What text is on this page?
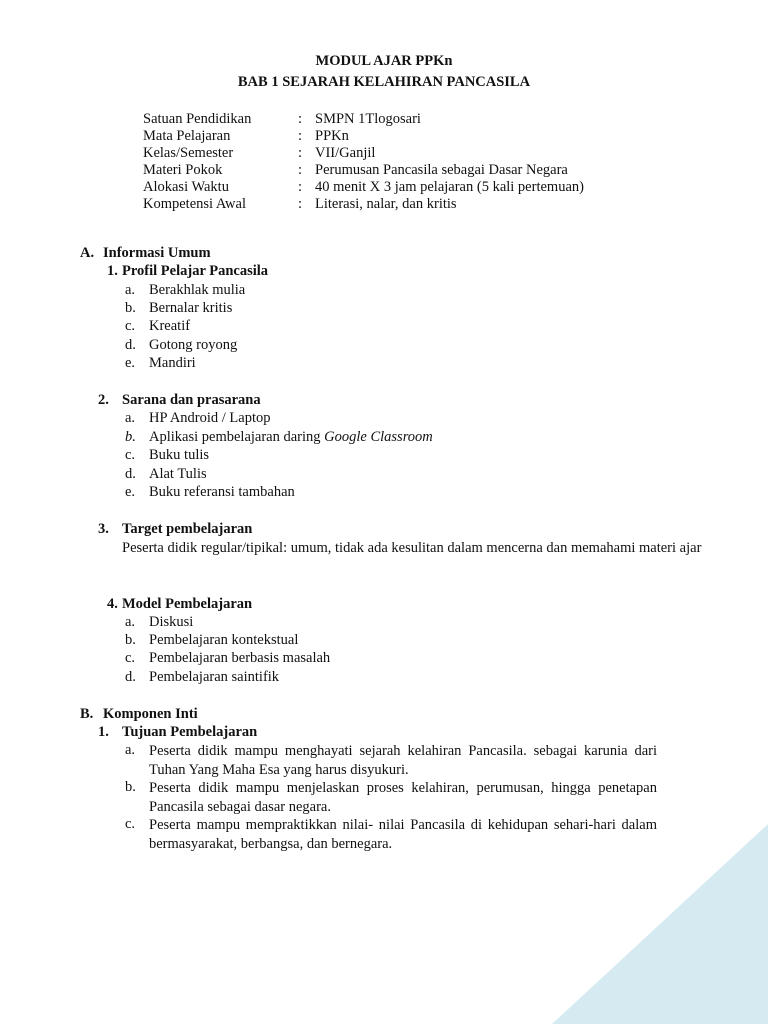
MODUL AJAR PPKn
BAB 1 SEJARAH KELAHIRAN PANCASILA
Satuan Pendidikan	: SMPN 1Tlogosari
Mata Pelajaran	: PPKn
Kelas/Semester	: VII/Ganjil
Materi Pokok	: Perumusan Pancasila sebagai Dasar Negara
Alokasi Waktu	: 40 menit X 3 jam pelajaran (5 kali pertemuan)
Kompetensi Awal	: Literasi, nalar, dan kritis
A. Informasi Umum
1. Profil Pelajar Pancasila
a. Berakhlak mulia
b. Bernalar kritis
c. Kreatif
d. Gotong royong
e. Mandiri
2. Sarana dan prasarana
a. HP Android / Laptop
b. Aplikasi pembelajaran daring Google Classroom
c. Buku tulis
d. Alat Tulis
e. Buku referansi tambahan
3. Target pembelajaran
Peserta didik regular/tipikal: umum, tidak ada kesulitan dalam mencerna dan memahami materi ajar
4. Model Pembelajaran
a. Diskusi
b. Pembelajaran kontekstual
c. Pembelajaran berbasis masalah
d. Pembelajaran saintifik
B. Komponen Inti
1. Tujuan Pembelajaran
a. Peserta didik mampu menghayati sejarah kelahiran Pancasila. sebagai karunia dari Tuhan Yang Maha Esa yang harus disyukuri.
b. Peserta didik mampu menjelaskan proses kelahiran, perumusan, hingga penetapan Pancasila sebagai dasar negara.
c. Peserta mampu mempraktikkan nilai- nilai Pancasila di kehidupan sehari-hari dalam bermasyarakat, berbangsa, dan bernegara.
